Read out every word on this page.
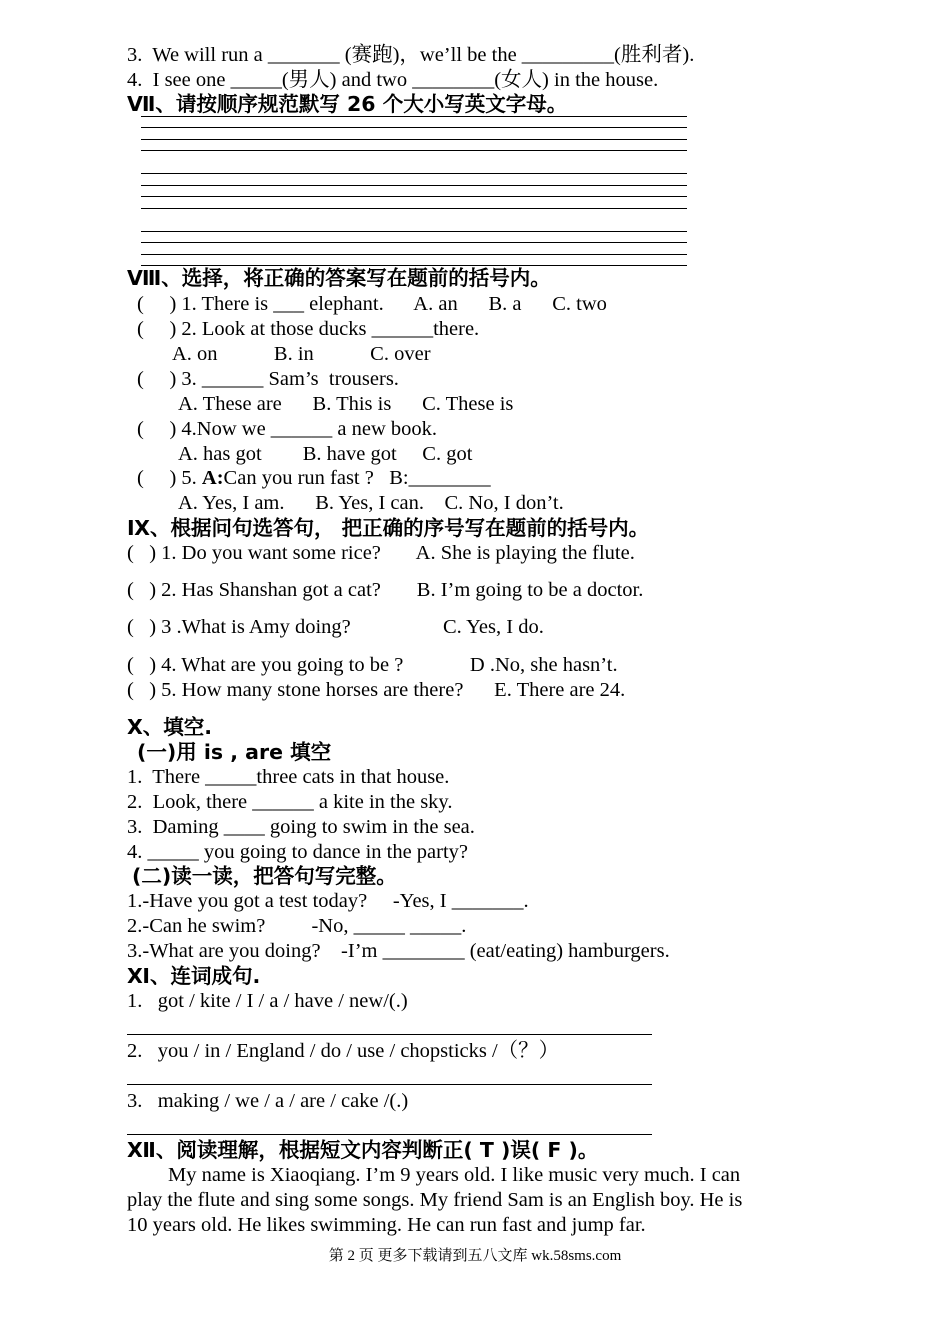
3.  We will run a _______ (赛跑)，we’ll be the _________(胜利者).
4.  I see one _____(男人) and two ________(女人) in the house.
Ⅶ、请按顺序规范默写 26 个大小写英文字母。
Ⅷ、选择，将正确的答案写在题前的括号内。
(     ) 1. There is ___ elephant.      A. an      B. a      C. two
(     ) 2. Look at those ducks ______there.
A. on           B. in           C. over
(     ) 3. ______ Sam’s  trousers.
A. These are      B. This is      C. These is
(     ) 4.Now we ______ a new book.
A. has got        B. have got     C. got
(     ) 5. A:Can you run fast ?   B:________
A. Yes, I am.      B. Yes, I can.    C. No, I don’t.
Ⅸ、根据问句选答句， 把正确的序号写在题前的括号内。
(   ) 1. Do you want some rice?       A. She is playing the flute.
(   ) 2. Has Shanshan got a cat?       B. I’m going to be a doctor.
(   ) 3 .What is Amy doing?                  C. Yes, I do.
(   ) 4. What are you going to be ?             D .No, she hasn’t.
(   ) 5. How many stone horses are there?      E. There are 24.
Ⅹ、填空.
(一)用 is , are 填空
1.  There _____three cats in that house.
2.  Look, there ______ a kite in the sky.
3.  Daming ____ going to swim in the sea.
4. _____ you going to dance in the party?
(二)读一读，把答句写完整。
1.-Have you got a test today?     -Yes, I _______.
2.-Can he swim?         -No, _____ _____.
3.-What are you doing?    -I’m ________ (eat/eating) hamburgers.
Ⅺ、连词成句.
1.   got / kite / I / a / have / new/(.)
2.   you / in / England / do / use / chopsticks /（？）
3.   making / we / a / are / cake /(.)
Ⅻ、阅读理解，根据短文内容判断正( T )误( F )。
My name is Xiaoqiang. I’m 9 years old. I like music very much. I can
play the flute and sing some songs. My friend Sam is an English boy. He is
10 years old. He likes swimming. He can run fast and jump far.
第 2 页 更多下载请到五八文库 wk.58sms.com
